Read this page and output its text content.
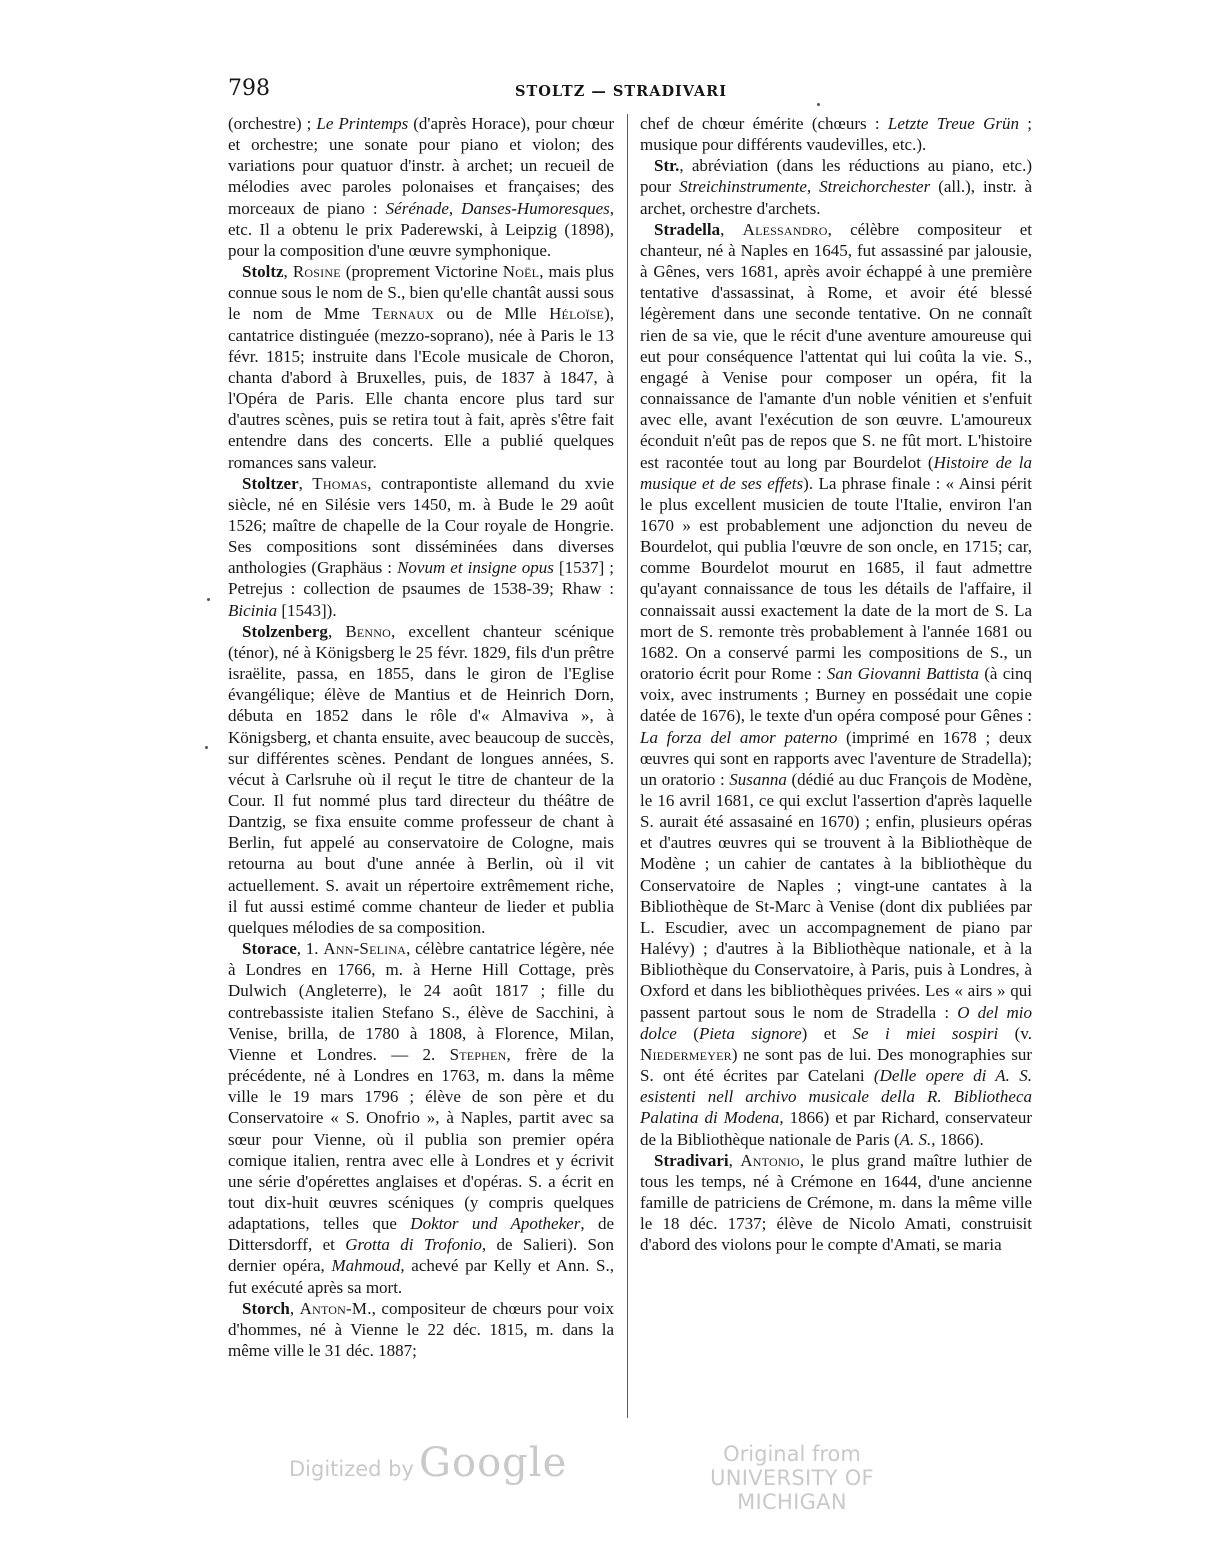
798	STOLTZ — STRADIVARI

(orchestre) ; Le Printemps (d'après Horace), pour chœur et orchestre; une sonate pour piano et violon; des variations pour quatuor d'instr. à archet; un recueil de mélodies avec paroles polonaises et françaises; des morceaux de piano : Sérénade, Danses-Humoresques, etc. Il a obtenu le prix Paderewski, à Leipzig (1898), pour la composition d'une œuvre symphonique.

Stoltz, Rosine (proprement Victorine Noël, mais plus connue sous le nom de S., bien qu'elle chantât aussi sous le nom de Mme Ternaux ou de Mlle Héloïse), cantatrice distinguée (mezzo-soprano), née à Paris le 13 févr. 1815; instruite dans l'Ecole musicale de Choron, chanta d'abord à Bruxelles, puis, de 1837 à 1847, à l'Opéra de Paris. Elle chanta encore plus tard sur d'autres scènes, puis se retira tout à fait, après s'être fait entendre dans des concerts. Elle a publié quelques romances sans valeur.

Stoltzer, Thomas, contrapontiste allemand du xvie siècle, né en Silésie vers 1450, m. à Bude le 29 août 1526; maître de chapelle de la Cour royale de Hongrie. Ses compositions sont disséminées dans diverses anthologies (Graphäus : Novum et insigne opus [1537] ; Petrejus : collection de psaumes de 1538-39; Rhaw : Bicinia [1543]).

Stolzenberg, Benno, excellent chanteur scénique (ténor), né à Königsberg le 25 févr. 1829, fils d'un prêtre israëlite, passa, en 1855, dans le giron de l'Eglise évangélique; élève de Mantius et de Heinrich Dorn, débuta en 1852 dans le rôle d'« Almaviva », à Königsberg, et chanta ensuite, avec beaucoup de succès, sur différentes scènes. Pendant de longues années, S. vécut à Carlsruhe où il reçut le titre de chanteur de la Cour. Il fut nommé plus tard directeur du théâtre de Dantzig, se fixa ensuite comme professeur de chant à Berlin, fut appelé au conservatoire de Cologne, mais retourna au bout d'une année à Berlin, où il vit actuellement. S. avait un répertoire extrêmement riche, il fut aussi estimé comme chanteur de lieder et publia quelques mélodies de sa composition.

Storace, 1. Ann-Selina, célèbre cantatrice légère, née à Londres en 1766, m. à Herne Hill Cottage, près Dulwich (Angleterre), le 24 août 1817 ; fille du contrebassiste italien Stefano S., élève de Sacchini, à Venise, brilla, de 1780 à 1808, à Florence, Milan, Vienne et Londres. — 2. Stephen, frère de la précédente, né à Londres en 1763, m. dans la même ville le 19 mars 1796 ; élève de son père et du Conservatoire « S. Onofrio », à Naples, partit avec sa sœur pour Vienne, où il publia son premier opéra comique italien, rentra avec elle à Londres et y écrivit une série d'opérettes anglaises et d'opéras. S. a écrit en tout dix-huit œuvres scéniques (y compris quelques adaptations, telles que Doktor und Apotheker, de Dittersdorff, et Grotta di Trofonio, de Salieri). Son dernier opéra, Mahmoud, achevé par Kelly et Ann. S., fut exécuté après sa mort.

Storch, Anton-M., compositeur de chœurs pour voix d'hommes, né à Vienne le 22 déc. 1815, m. dans la même ville le 31 déc. 1887;

chef de chœur émérite (chœurs : Letzte Treue Grün ; musique pour différents vaudevilles, etc.).

Str., abréviation (dans les réductions au piano, etc.) pour Streichinstrumente, Streichorchester (all.), instr. à archet, orchestre d'archets.

Stradella, Alessandro, célèbre compositeur et chanteur, né à Naples en 1645, fut assassiné par jalousie, à Gênes, vers 1681, après avoir échappé à une première tentative d'assassinat, à Rome, et avoir été blessé légèrement dans une seconde tentative. On ne connaît rien de sa vie, que le récit d'une aventure amoureuse qui eut pour conséquence l'attentat qui lui coûta la vie. S., engagé à Venise pour composer un opéra, fit la connaissance de l'amante d'un noble vénitien et s'enfuit avec elle, avant l'exécution de son œuvre. L'amoureux éconduit n'eût pas de repos que S. ne fût mort. L'histoire est racontée tout au long par Bourdelot (Histoire de la musique et de ses effets). La phrase finale : « Ainsi périt le plus excellent musicien de toute l'Italie, environ l'an 1670 » est probablement une adjonction du neveu de Bourdelot, qui publia l'œuvre de son oncle, en 1715; car, comme Bourdelot mourut en 1685, il faut admettre qu'ayant connaissance de tous les détails de l'affaire, il connaissait aussi exactement la date de la mort de S. La mort de S. remonte très probablement à l'année 1681 ou 1682. On a conservé parmi les compositions de S., un oratorio écrit pour Rome : San Giovanni Battista (à cinq voix, avec instruments ; Burney en possédait une copie datée de 1676), le texte d'un opéra composé pour Gênes : La forza del amor paterno (imprimé en 1678 ; deux œuvres qui sont en rapports avec l'aventure de Stradella); un oratorio : Susanna (dédié au duc François de Modène, le 16 avril 1681, ce qui exclut l'assertion d'après laquelle S. aurait été assasainé en 1670) ; enfin, plusieurs opéras et d'autres œuvres qui se trouvent à la Bibliothèque de Modène ; un cahier de cantates à la bibliothèque du Conservatoire de Naples ; vingt-une cantates à la Bibliothèque de St-Marc à Venise (dont dix publiées par L. Escudier, avec un accompagnement de piano par Halévy) ; d'autres à la Bibliothèque nationale, et à la Bibliothèque du Conservatoire, à Paris, puis à Londres, à Oxford et dans les bibliothèques privées. Les « airs » qui passent partout sous le nom de Stradella : O del mio dolce (Pieta signore) et Se i miei sospiri (v. Niedermeyer) ne sont pas de lui. Des monographies sur S. ont été écrites par Catelani (Delle opere di A. S. esistenti nell archivo musicale della R. Bibliotheca Palatina di Modena, 1866) et par Richard, conservateur de la Bibliothèque nationale de Paris (A. S., 1866).

Stradivari, Antonio, le plus grand maître luthier de tous les temps, né à Crémone en 1644, d'une ancienne famille de patriciens de Crémone, m. dans la même ville le 18 déc. 1737; élève de Nicolo Amati, construisit d'abord des violons pour le compte d'Amati, se maria

Digitized by Google	Original from
UNIVERSITY OF MICHIGAN
